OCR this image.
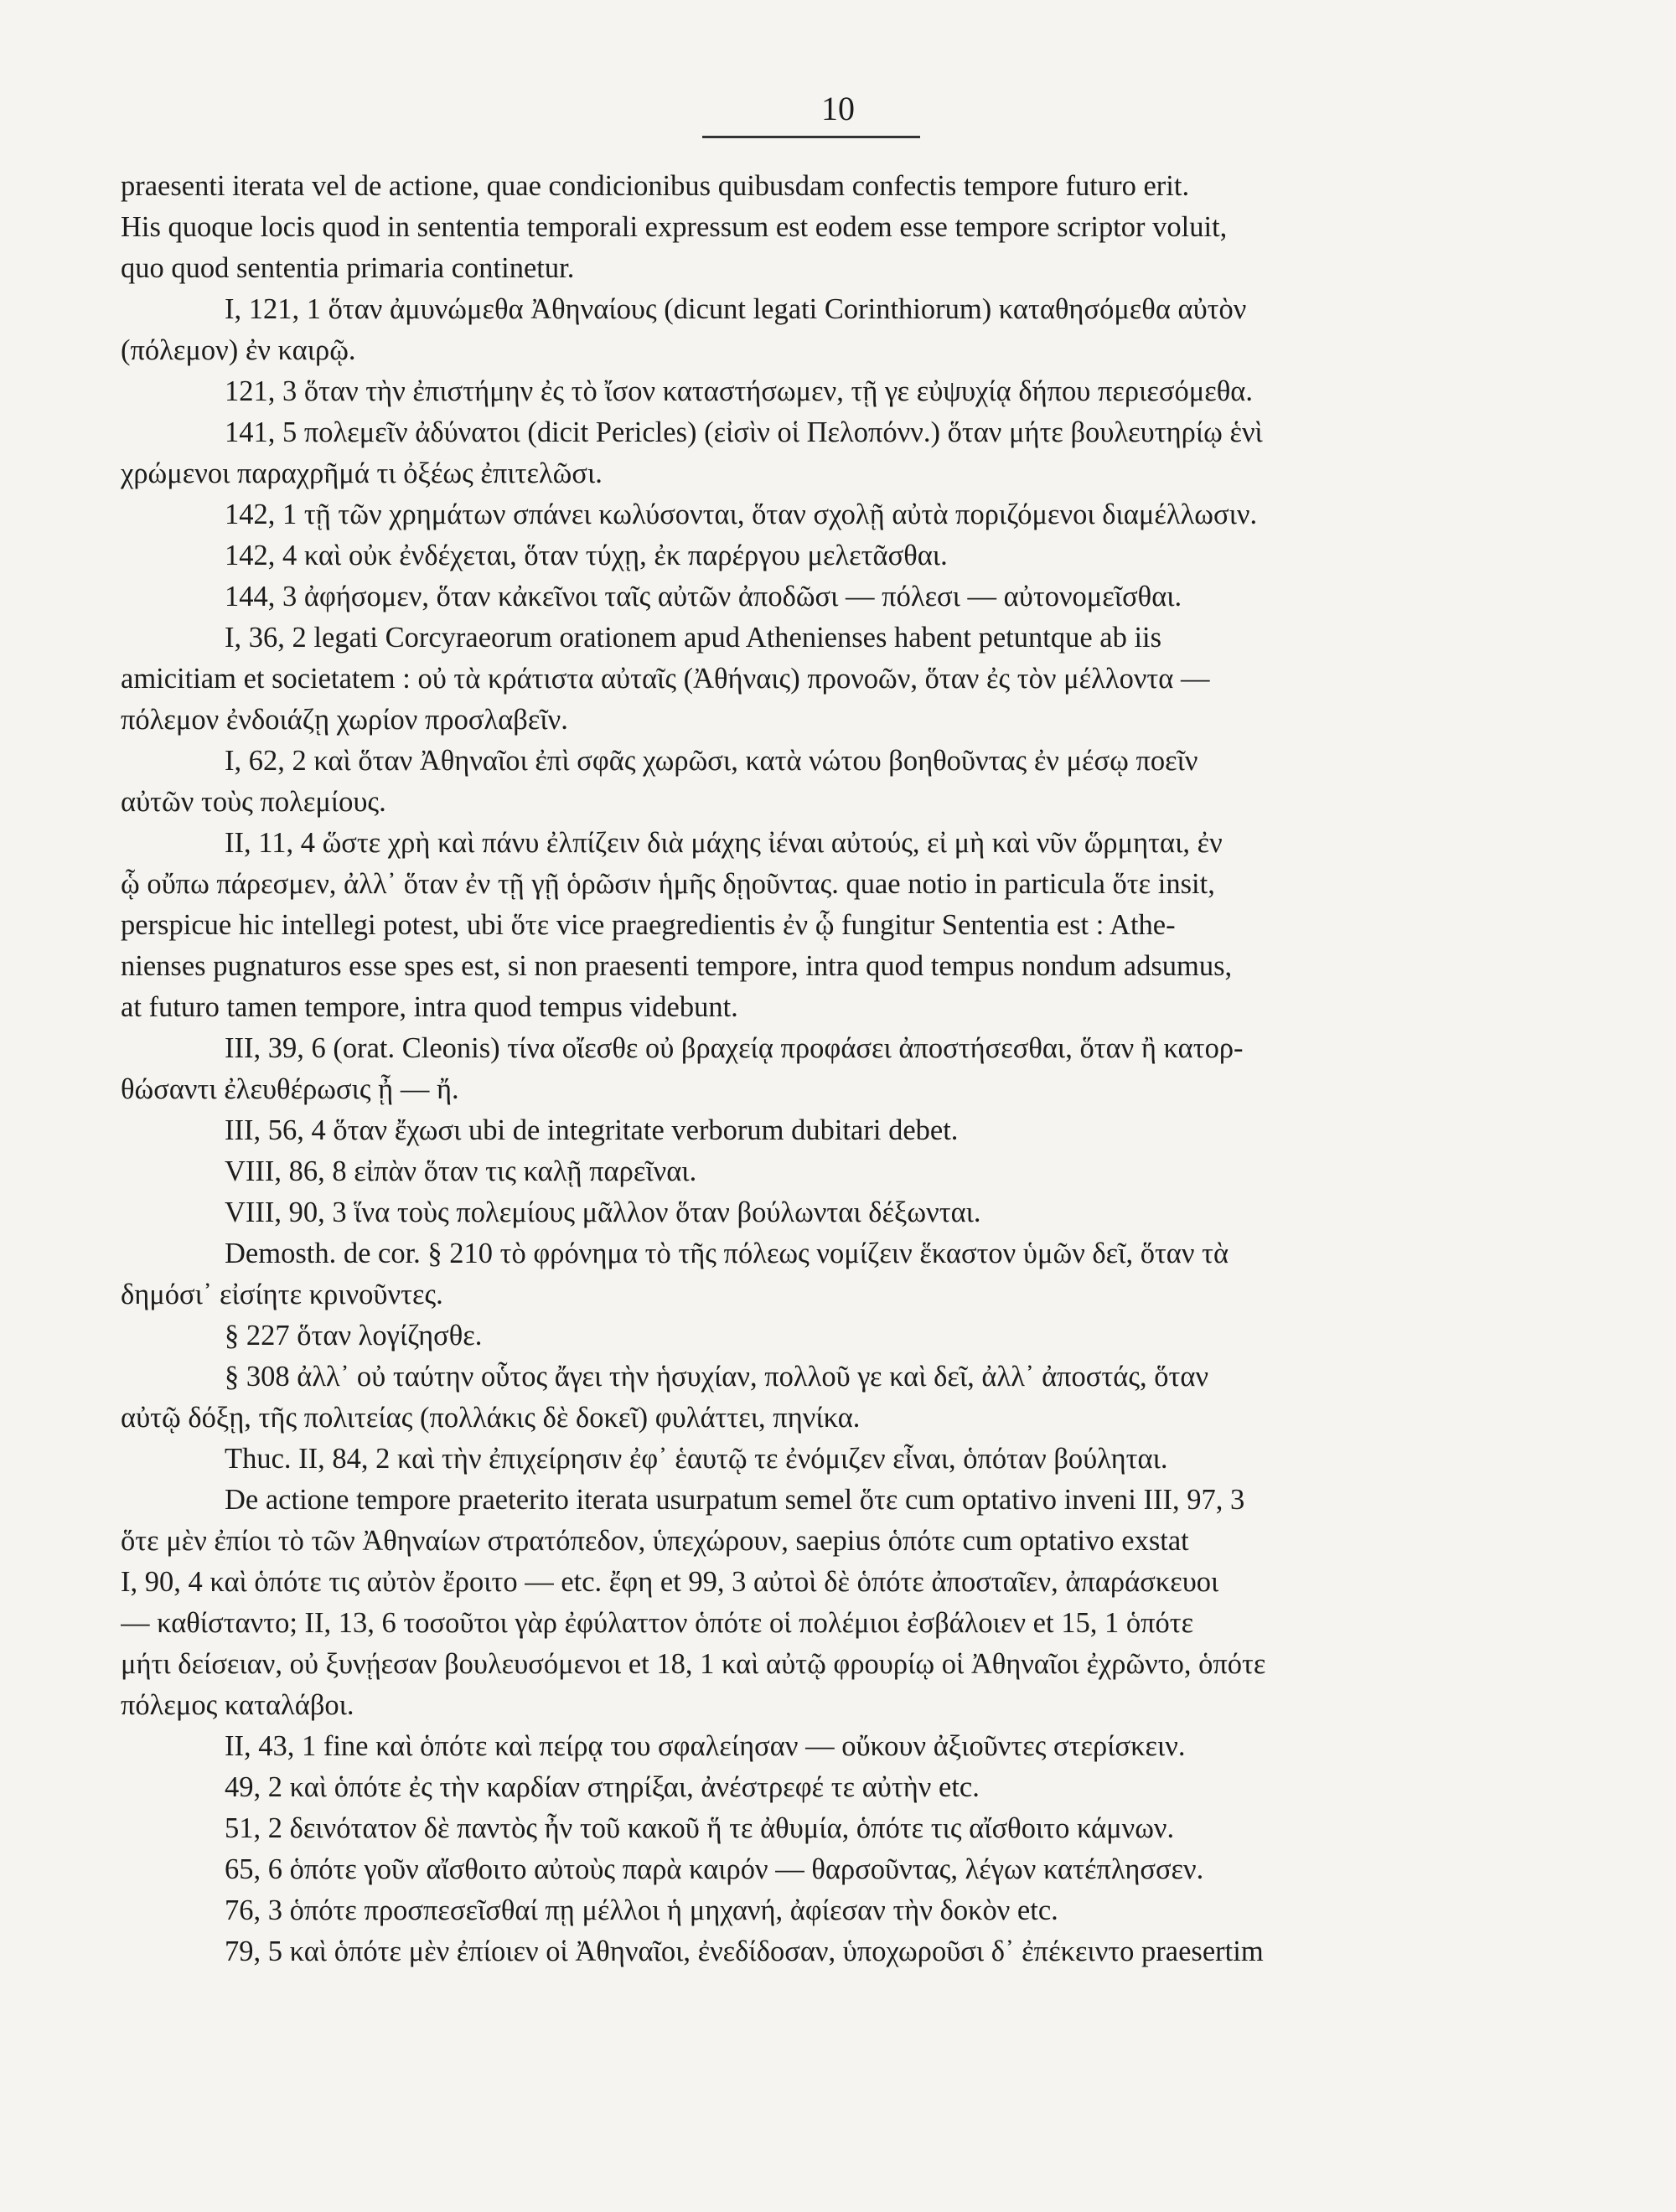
10
praesenti iterata vel de actione, quae condicionibus quibusdam confectis tempore futuro erit.
His quoque locis quod in sententia temporali expressum est eodem esse tempore scriptor voluit,
quo quod sententia primaria continetur.
I, 121, 1 ὅταν ἀμυνώμεθα Ἀθηναίους (dicunt legati Corinthiorum) καταθησόμεθα αὐτὸν
(πόλεμον) ἐν καιρῷ.
121, 3 ὅταν τὴν ἐπιστήμην ἐς τὸ ἴσον καταστήσωμεν, τῇ γε εὐψυχίᾳ δήπου περιεσόμεθα.
141, 5 πολεμεῖν ἀδύνατοι (dicit Pericles) (εἰσὶν οἱ Πελοπόνν.) ὅταν μήτε βουλευτηρίῳ ἑνὶ
χρώμενοι παραχρῆμά τι ὀξέως ἐπιτελῶσι.
142, 1 τῇ τῶν χρημάτων σπάνει κωλύσονται, ὅταν σχολῇ αὐτὰ ποριζόμενοι διαμέλλωσιν.
142, 4 καὶ οὐκ ἐνδέχεται, ὅταν τύχῃ, ἐκ παρέργου μελετᾶσθαι.
144, 3 ἀφήσομεν, ὅταν κἀκεῖνοι ταῖς αὐτῶν ἀποδῶσι — πόλεσι — αὐτονομεῖσθαι.
I, 36, 2 legati Corcyraeorum orationem apud Athenienses habent petuntque ab iis
amicitiam et societatem : οὐ τὰ κράτιστα αὐταῖς (Ἀθήναις) προνοῶν, ὅταν ἐς τὸν μέλλοντα —
πόλεμον ἐνδοιάζῃ χωρίον προσλαβεῖν.
I, 62, 2 καὶ ὅταν Ἀθηναῖοι ἐπὶ σφᾶς χωρῶσι, κατὰ νώτου βοηθοῦντας ἐν μέσῳ ποεῖν
αὐτῶν τοὺς πολεμίους.
II, 11, 4 ὥστε χρὴ καὶ πάνυ ἐλπίζειν διὰ μάχης ἰέναι αὐτούς, εἰ μὴ καὶ νῦν ὥρμηται, ἐν
ᾧ οὔπω πάρεσμεν, ἀλλ᾽ ὅταν ἐν τῇ γῇ ὁρῶσιν ἡμῆς δῃοῦντας. quae notio in particula ὅτε insit,
perspicue hic intellegi potest, ubi ὅτε vice praegredientis ἐν ᾧ fungitur Sententia est : Athe-
nienses pugnaturos esse spes est, si non praesenti tempore, intra quod tempus nondum adsumus,
at futuro tamen tempore, intra quod tempus videbunt.
III, 39, 6 (orat. Cleonis) τίνα οἴεσθε οὐ βραχείᾳ προφάσει ἀποστήσεσθαι, ὅταν ἢ κατορ-
θώσαντι ἐλευθέρωσις ᾖ — ἤ.
III, 56, 4 ὅταν ἔχωσι ubi de integritate verborum dubitari debet.
VIII, 86, 8 εἰπὰν ὅταν τις καλῇ παρεῖναι.
VIII, 90, 3 ἵνα τοὺς πολεμίους μᾶλλον ὅταν βούλωνται δέξωνται.
Demosth. de cor. § 210 τὸ φρόνημα τὸ τῆς πόλεως νομίζειν ἕκαστον ὑμῶν δεῖ, ὅταν τὰ
δημόσι᾽ εἰσίητε κρινοῦντες.
§ 227 ὅταν λογίζησθε.
§ 308 ἀλλ᾽ οὐ ταύτην οὗτος ἄγει τὴν ἡσυχίαν, πολλοῦ γε καὶ δεῖ, ἀλλ᾽ ἀποστάς, ὅταν
αὐτῷ δόξῃ, τῆς πολιτείας (πολλάκις δὲ δοκεῖ) φυλάττει, πηνίκα.
Thuc. II, 84, 2 καὶ τὴν ἐπιχείρησιν ἐφ᾽ ἑαυτῷ τε ἐνόμιζεν εἶναι, ὁπόταν βούληται.
De actione tempore praeterito iterata usurpatum semel ὅτε cum optativo inveni III, 97, 3
ὅτε μὲν ἐπίοι τὸ τῶν Ἀθηναίων στρατόπεδον, ὑπεχώρουν, saepius ὁπότε cum optativo exstat
I, 90, 4 καὶ ὁπότε τις αὐτὸν ἔροιτο — etc. ἔφη et 99, 3 αὐτοὶ δὲ ὁπότε ἀποσταῖεν, ἀπαράσκευοι
— καθίσταντο; II, 13, 6 τοσοῦτοι γὰρ ἐφύλαττον ὁπότε οἱ πολέμιοι ἐσβάλοιεν et 15, 1 ὁπότε
μήτι δείσειαν, οὐ ξυνῄεσαν βουλευσόμενοι et 18, 1 καὶ αὐτῷ φρουρίῳ οἱ Ἀθηναῖοι ἐχρῶντο, ὁπότε
πόλεμος καταλάβοι.
II, 43, 1 fine καὶ ὁπότε καὶ πείρᾳ του σφαλείησαν — οὔκουν ἀξιοῦντες στερίσκειν.
49, 2 καὶ ὁπότε ἐς τὴν καρδίαν στηρίξαι, ἀνέστρεφέ τε αὐτὴν etc.
51, 2 δεινότατον δὲ παντὸς ἦν τοῦ κακοῦ ἥ τε ἀθυμία, ὁπότε τις αἴσθοιτο κάμνων.
65, 6 ὁπότε γοῦν αἴσθοιτο αὐτοὺς παρὰ καιρόν — θαρσοῦντας, λέγων κατέπλησσεν.
76, 3 ὁπότε προσπεσεῖσθαί πῃ μέλλοι ἡ μηχανή, ἀφίεσαν τὴν δοκὸν etc.
79, 5 καὶ ὁπότε μὲν ἐπίοιεν οἱ Ἀθηναῖοι, ἐνεδίδοσαν, ὑποχωροῦσι δ᾽ ἐπέκειντο praesertim
